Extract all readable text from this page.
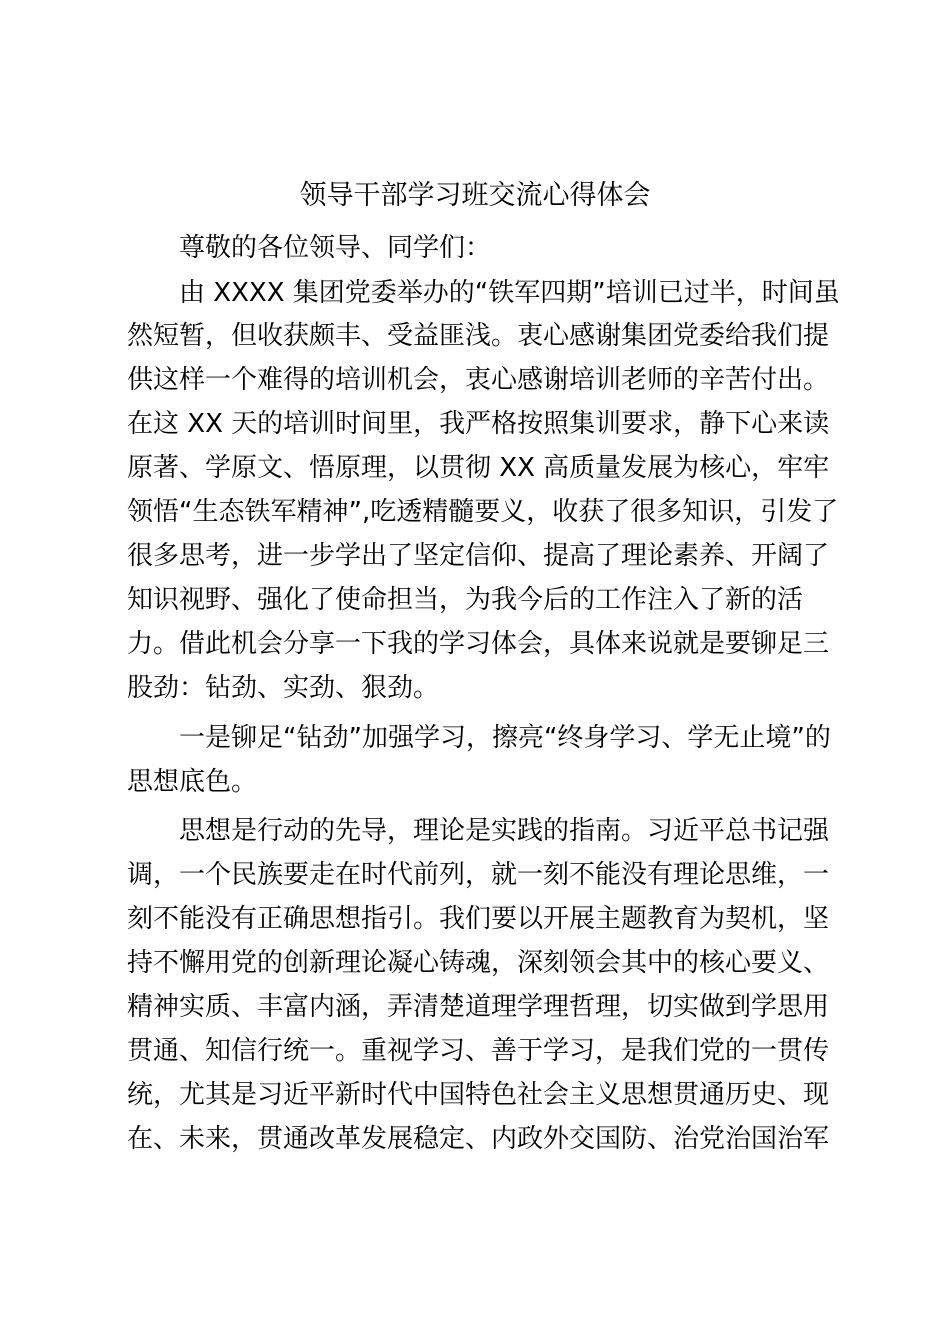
领导干部学习班交流心得体会

尊敬的各位领导、同学们：

由 XXXX 集团党委举办的“铁军四期”培训已过半，时间虽

然短暂，但收获颇丰、受益匪浅。衷心感谢集团党委给我们提

供这样一个难得的培训机会，衷心感谢培训老师的辛苦付出。

在这 XX 天的培训时间里，我严格按照集训要求，静下心来读

原著、学原文、悟原理，以贯彻 XX 高质量发展为核心，牢牢

领悟“生态铁军精神”,吃透精髓要义，收获了很多知识，引发了

很多思考，进一步学出了坚定信仰、提高了理论素养、开阔了

知识视野、强化了使命担当，为我今后的工作注入了新的活

力。借此机会分享一下我的学习体会，具体来说就是要铆足三

股劲：钻劲、实劲、狠劲。

一是铆足“钻劲”加强学习，擦亮“终身学习、学无止境”的

思想底色。

思想是行动的先导，理论是实践的指南。习近平总书记强

调，一个民族要走在时代前列，就一刻不能没有理论思维，一

刻不能没有正确思想指引。我们要以开展主题教育为契机，坚

持不懈用党的创新理论凝心铸魂，深刻领会其中的核心要义、

精神实质、丰富内涵，弄清楚道理学理哲理，切实做到学思用

贯通、知信行统一。重视学习、善于学习，是我们党的一贯传

统，尤其是习近平新时代中国特色社会主义思想贯通历史、现

在、未来，贯通改革发展稳定、内政外交国防、治党治国治军
